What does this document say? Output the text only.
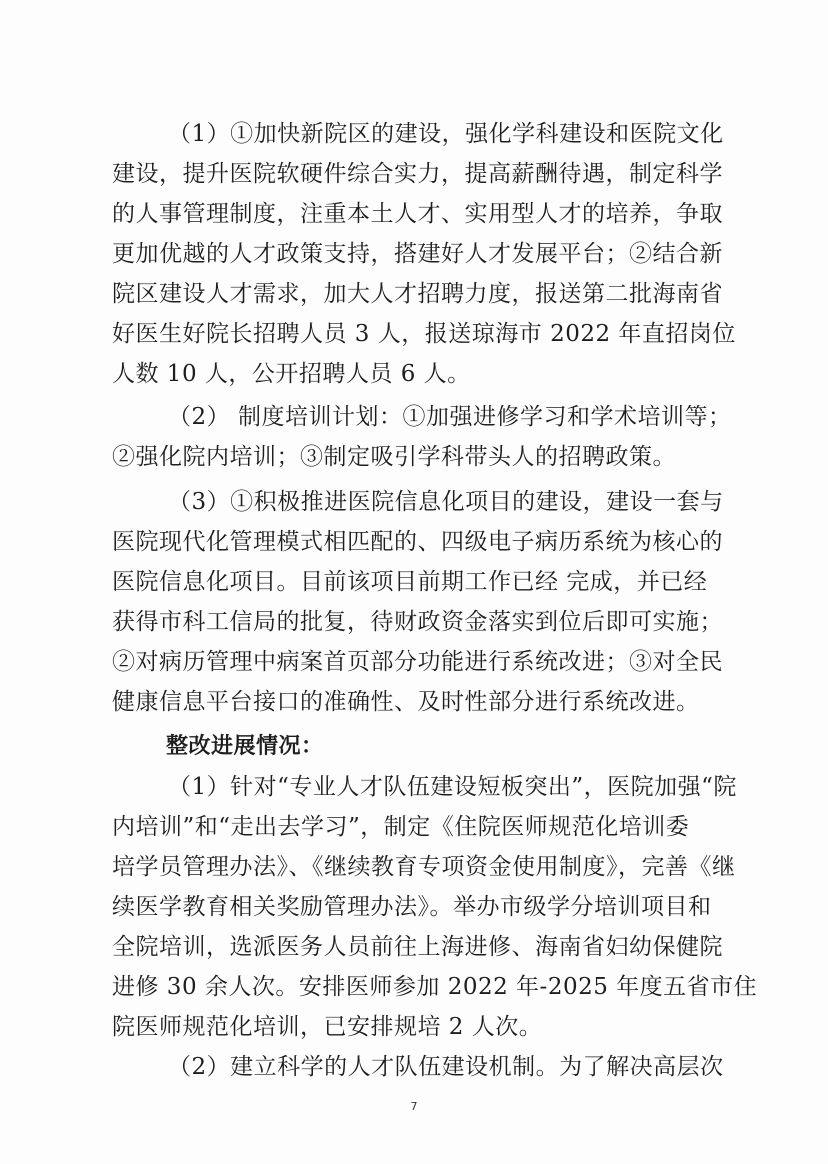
（1）①加快新院区的建设，强化学科建设和医院文化

建设，提升医院软硬件综合实力，提高薪酬待遇，制定科学

的人事管理制度，注重本土人才、实用型人才的培养，争取

更加优越的人才政策支持，搭建好人才发展平台；②结合新

院区建设人才需求，加大人才招聘力度，报送第二批海南省

好医生好院长招聘人员 3 人，报送琼海市 2022 年直招岗位

人数 10 人，公开招聘人员 6 人。

（2） 制度培训计划：①加强进修学习和学术培训等；

②强化院内培训；③制定吸引学科带头人的招聘政策。

（3）①积极推进医院信息化项目的建设，建设一套与

医院现代化管理模式相匹配的、四级电子病历系统为核心的

医院信息化项目。目前该项目前期工作已经 完成，并已经

获得市科工信局的批复，待财政资金落实到位后即可实施；

②对病历管理中病案首页部分功能进行系统改进；③对全民

健康信息平台接口的准确性、及时性部分进行系统改进。

整改进展情况：

（1）针对“专业人才队伍建设短板突出”，医院加强“院

内培训”和“走出去学习”，制定《住院医师规范化培训委

培学员管理办法》、《继续教育专项资金使用制度》，完善《继

续医学教育相关奖励管理办法》。举办市级学分培训项目和

全院培训，选派医务人员前往上海进修、海南省妇幼保健院

进修 30 余人次。安排医师参加 2022 年-2025 年度五省市住

院医师规范化培训，已安排规培 2 人次。

（2）建立科学的人才队伍建设机制。为了解决高层次

7
